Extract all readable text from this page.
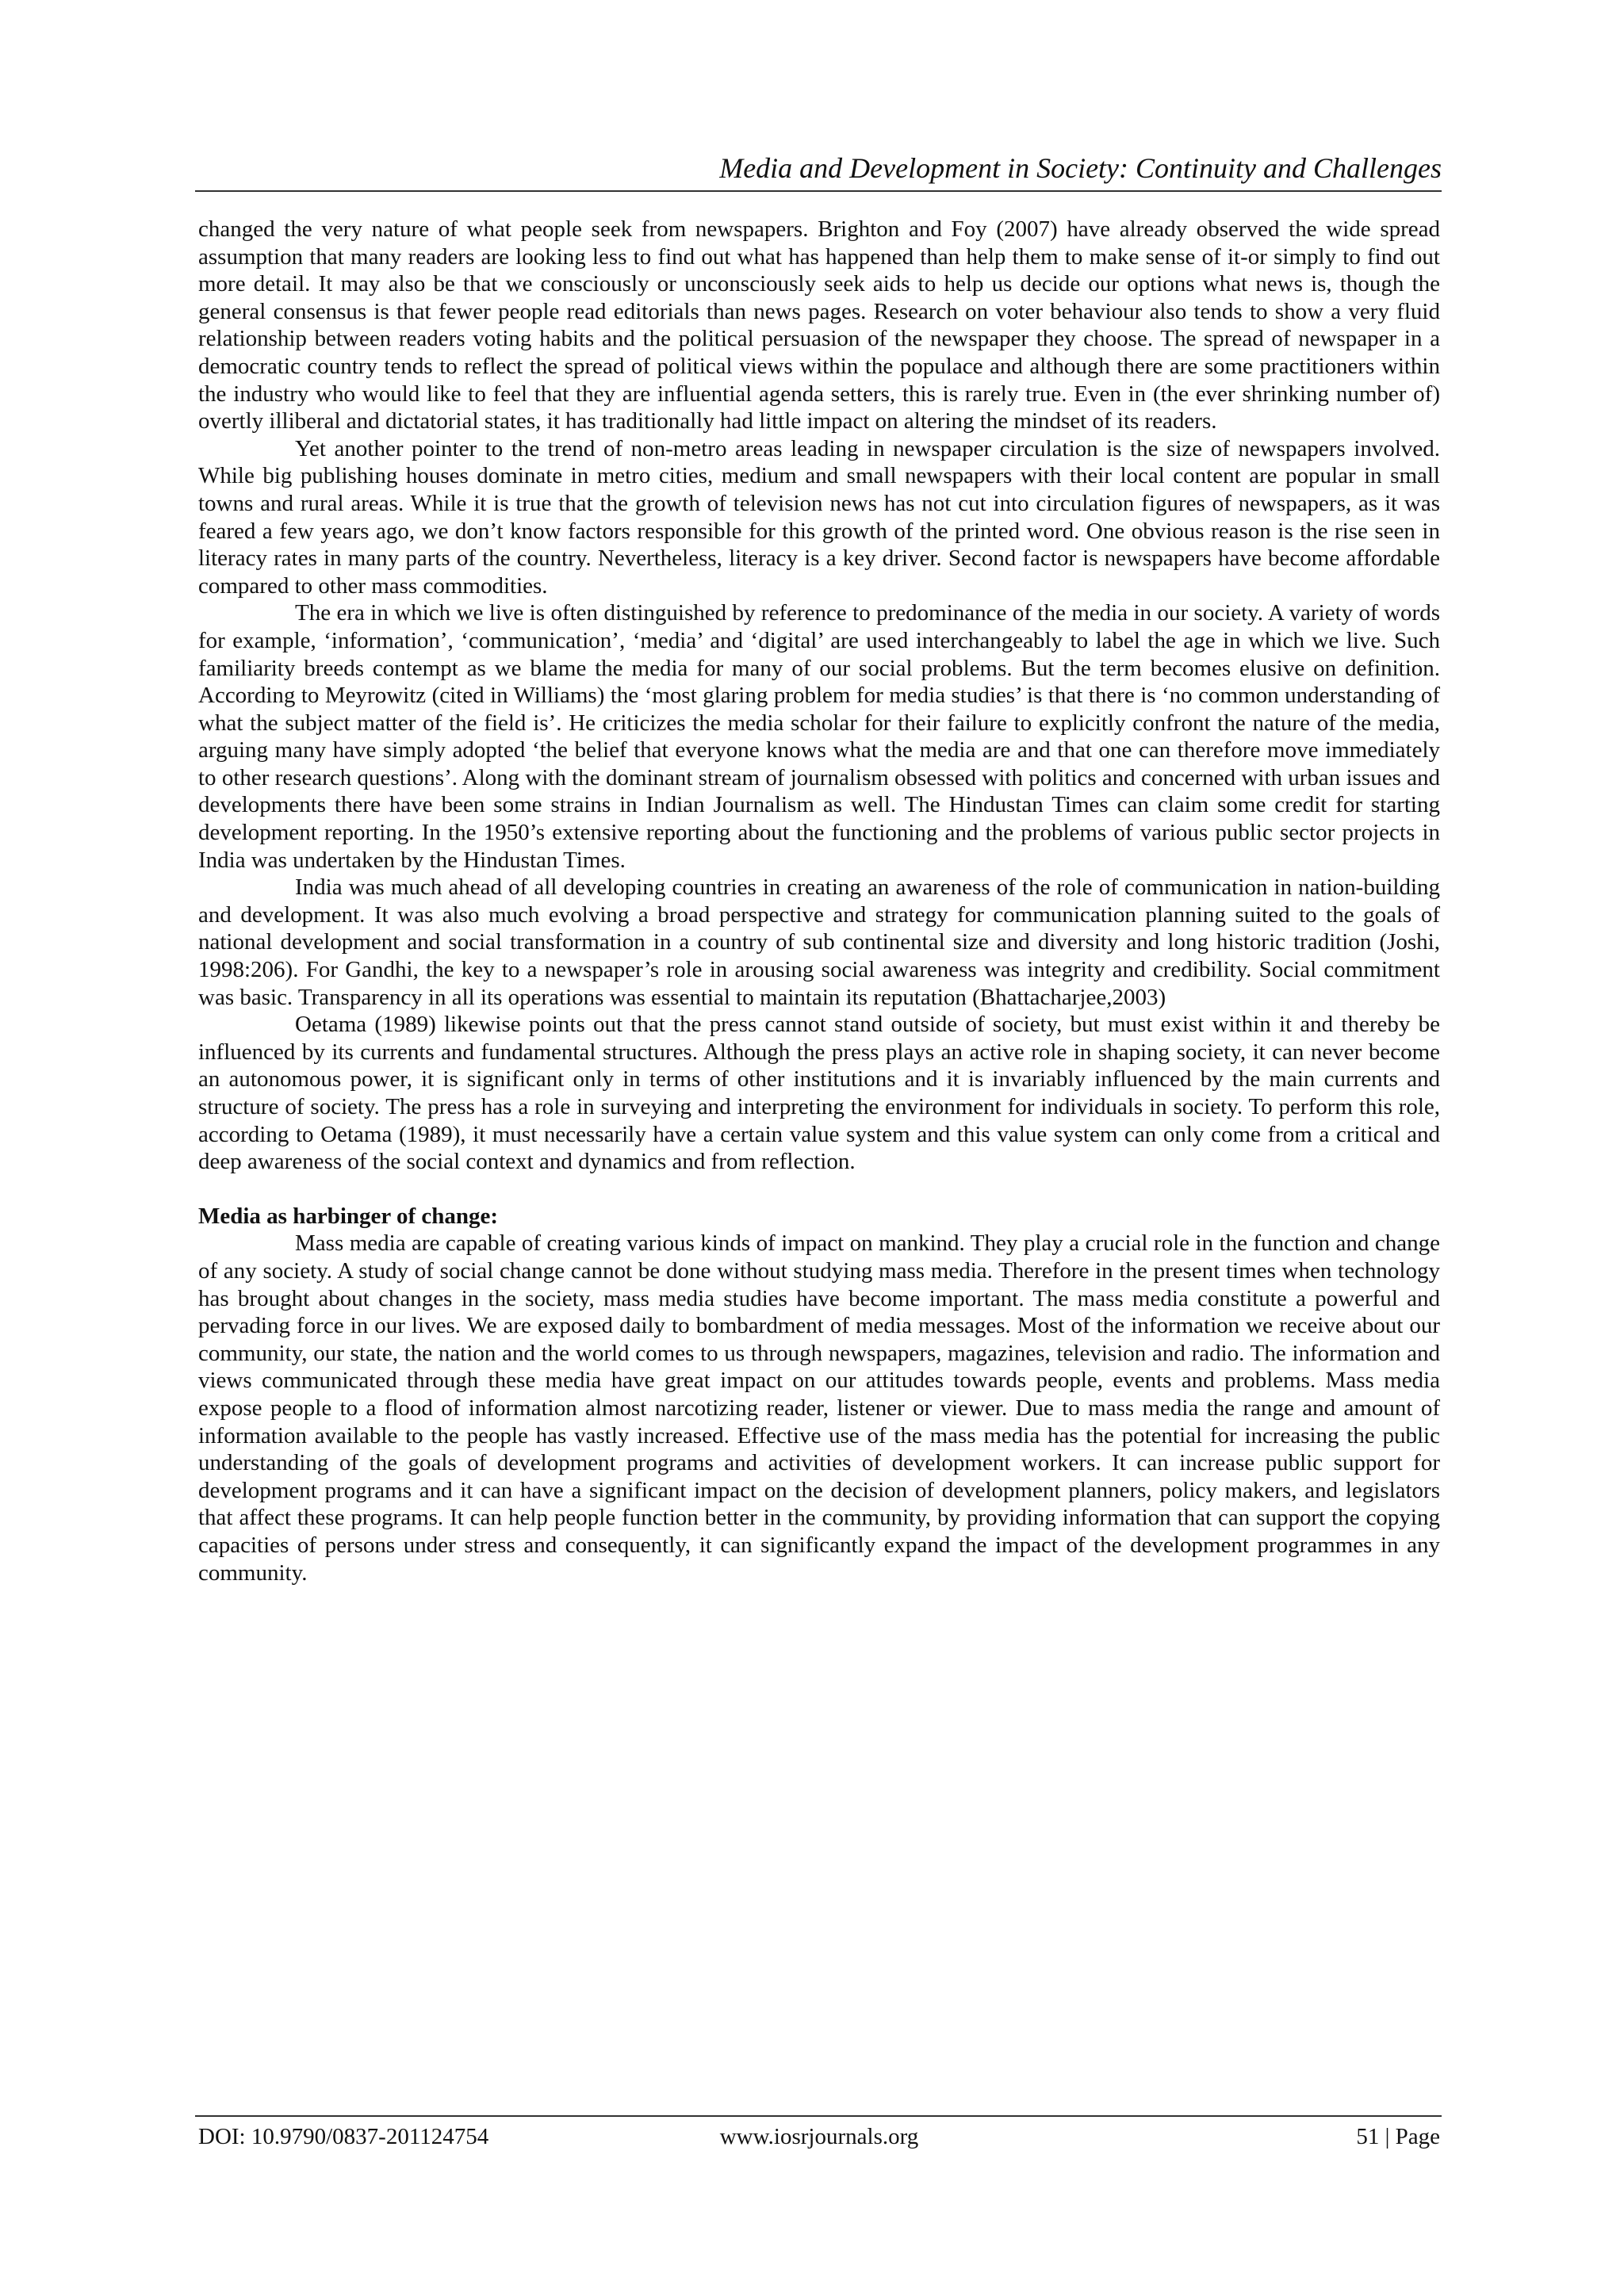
Media and Development in Society: Continuity and Challenges

changed the very nature of what people seek from newspapers. Brighton and Foy (2007) have already observed the wide spread assumption that many readers are looking less to find out what has happened than help them to make sense of it-or simply to find out more detail. It may also be that we consciously or unconsciously seek aids to help us decide our options what news is, though the general consensus is that fewer people read editorials than news pages. Research on voter behaviour also tends to show a very fluid relationship between readers voting habits and the political persuasion of the newspaper they choose. The spread of newspaper in a democratic country tends to reflect the spread of political views within the populace and although there are some practitioners within the industry who would like to feel that they are influential agenda setters, this is rarely true. Even in (the ever shrinking number of) overtly illiberal and dictatorial states, it has traditionally had little impact on altering the mindset of its readers.

Yet another pointer to the trend of non-metro areas leading in newspaper circulation is the size of newspapers involved. While big publishing houses dominate in metro cities, medium and small newspapers with their local content are popular in small towns and rural areas. While it is true that the growth of television news has not cut into circulation figures of newspapers, as it was feared a few years ago, we don’t know factors responsible for this growth of the printed word. One obvious reason is the rise seen in literacy rates in many parts of the country. Nevertheless, literacy is a key driver. Second factor is newspapers have become affordable compared to other mass commodities.

The era in which we live is often distinguished by reference to predominance of the media in our society. A variety of words for example, ‘information’, ‘communication’, ‘media’ and ‘digital’ are used interchangeably to label the age in which we live. Such familiarity breeds contempt as we blame the media for many of our social problems. But the term becomes elusive on definition. According to Meyrowitz (cited in Williams) the ‘most glaring problem for media studies’ is that there is ‘no common understanding of what the subject matter of the field is’. He criticizes the media scholar for their failure to explicitly confront the nature of the media, arguing many have simply adopted ‘the belief that everyone knows what the media are and that one can therefore move immediately to other research questions’. Along with the dominant stream of journalism obsessed with politics and concerned with urban issues and developments there have been some strains in Indian Journalism as well. The Hindustan Times can claim some credit for starting development reporting. In the 1950’s extensive reporting about the functioning and the problems of various public sector projects in India was undertaken by the Hindustan Times.

India was much ahead of all developing countries in creating an awareness of the role of communication in nation-building and development. It was also much evolving a broad perspective and strategy for communication planning suited to the goals of national development and social transformation in a country of sub continental size and diversity and long historic tradition (Joshi, 1998:206). For Gandhi, the key to a newspaper’s role in arousing social awareness was integrity and credibility. Social commitment was basic. Transparency in all its operations was essential to maintain its reputation (Bhattacharjee,2003)

Oetama (1989) likewise points out that the press cannot stand outside of society, but must exist within it and thereby be influenced by its currents and fundamental structures. Although the press plays an active role in shaping society, it can never become an autonomous power, it is significant only in terms of other institutions and it is invariably influenced by the main currents and structure of society. The press has a role in surveying and interpreting the environment for individuals in society. To perform this role, according to Oetama (1989), it must necessarily have a certain value system and this value system can only come from a critical and deep awareness of the social context and dynamics and from reflection.

Media as harbinger of change:

Mass media are capable of creating various kinds of impact on mankind. They play a crucial role in the function and change of any society. A study of social change cannot be done without studying mass media. Therefore in the present times when technology has brought about changes in the society, mass media studies have become important. The mass media constitute a powerful and pervading force in our lives. We are exposed daily to bombardment of media messages. Most of the information we receive about our community, our state, the nation and the world comes to us through newspapers, magazines, television and radio. The information and views communicated through these media have great impact on our attitudes towards people, events and problems. Mass media expose people to a flood of information almost narcotizing reader, listener or viewer. Due to mass media the range and amount of information available to the people has vastly increased. Effective use of the mass media has the potential for increasing the public understanding of the goals of development programs and activities of development workers. It can increase public support for development programs and it can have a significant impact on the decision of development planners, policy makers, and legislators that affect these programs. It can help people function better in the community, by providing information that can support the copying capacities of persons under stress and consequently, it can significantly expand the impact of the development programmes in any community.

DOI: 10.9790/0837-201124754	www.iosrjournals.org	51 | Page
